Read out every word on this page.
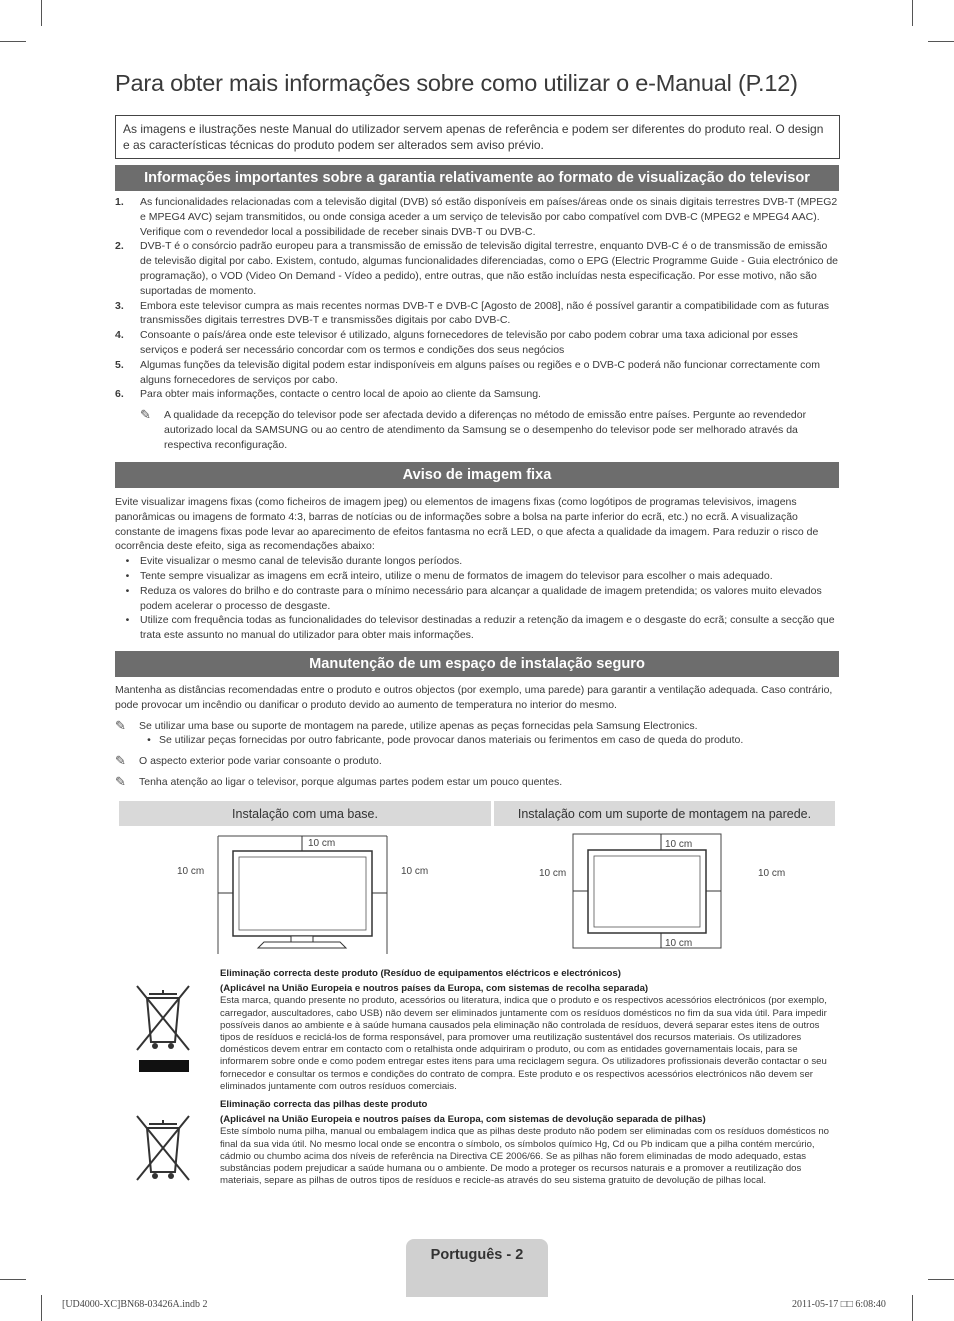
Para obter mais informações sobre como utilizar o e-Manual (P.12)
As imagens e ilustrações neste Manual do utilizador servem apenas de referência e podem ser diferentes do produto real. O design e as características técnicas do produto podem ser alterados sem aviso prévio.
Informações importantes sobre a garantia relativamente ao formato de visualização do televisor
1.	As funcionalidades relacionadas com a televisão digital (DVB) só estão disponíveis em países/áreas onde os sinais digitais terrestres DVB-T (MPEG2 e MPEG4 AVC) sejam transmitidos, ou onde consiga aceder a um serviço de televisão por cabo compatível com DVB-C (MPEG2 e MPEG4 AAC). Verifique com o revendedor local a possibilidade de receber sinais DVB-T ou DVB-C.
2.	DVB-T é o consórcio padrão europeu para a transmissão de emissão de televisão digital terrestre, enquanto DVB-C é o de transmissão de emissão de televisão digital por cabo. Existem, contudo, algumas funcionalidades diferenciadas, como o EPG (Electric Programme Guide - Guia electrónico de programação), o VOD (Video On Demand - Vídeo a pedido), entre outras, que não estão incluídas nesta especificação. Por esse motivo, não são suportadas de momento.
3.	Embora este televisor cumpra as mais recentes normas DVB-T e DVB-C [Agosto de 2008], não é possível garantir a compatibilidade com as futuras transmissões digitais terrestres DVB-T e transmissões digitais por cabo DVB-C.
4.	Consoante o país/área onde este televisor é utilizado, alguns fornecedores de televisão por cabo podem cobrar uma taxa adicional por esses serviços e poderá ser necessário concordar com os termos e condições dos seus negócios
5.	Algumas funções da televisão digital podem estar indisponíveis em alguns países ou regiões e o DVB-C poderá não funcionar correctamente com alguns fornecedores de serviços por cabo.
6.	Para obter mais informações, contacte o centro local de apoio ao cliente da Samsung.
✎	A qualidade da recepção do televisor pode ser afectada devido a diferenças no método de emissão entre países. Pergunte ao revendedor autorizado local da SAMSUNG ou ao centro de atendimento da Samsung se o desempenho do televisor pode ser melhorado através da respectiva reconfiguração.
Aviso de imagem fixa
Evite visualizar imagens fixas (como ficheiros de imagem jpeg) ou elementos de imagens fixas (como logótipos de programas televisivos, imagens panorâmicas ou imagens de formato 4:3, barras de notícias ou de informações sobre a bolsa na parte inferior do ecrã, etc.) no ecrã. A visualização constante de imagens fixas pode levar ao aparecimento de efeitos fantasma no ecrã LED, o que afecta a qualidade da imagem. Para reduzir o risco de ocorrência deste efeito, siga as recomendações abaixo:
•	Evite visualizar o mesmo canal de televisão durante longos períodos.
•	Tente sempre visualizar as imagens em ecrã inteiro, utilize o menu de formatos de imagem do televisor para escolher o mais adequado.
•	Reduza os valores do brilho e do contraste para o mínimo necessário para alcançar a qualidade de imagem pretendida; os valores muito elevados podem acelerar o processo de desgaste.
•	Utilize com frequência todas as funcionalidades do televisor destinadas a reduzir a retenção da imagem e o desgaste do ecrã; consulte a secção que trata este assunto no manual do utilizador para obter mais informações.
Manutenção de um espaço de instalação seguro
Mantenha as distâncias recomendadas entre o produto e outros objectos (por exemplo, uma parede) para garantir a ventilação adequada. Caso contrário, pode provocar um incêndio ou danificar o produto devido ao aumento de temperatura no interior do mesmo.
✎	Se utilizar uma base ou suporte de montagem na parede, utilize apenas as peças fornecidas pela Samsung Electronics.
• Se utilizar peças fornecidas por outro fabricante, pode provocar danos materiais ou ferimentos em caso de queda do produto.
✎	O aspecto exterior pode variar consoante o produto.
✎	Tenha atenção ao ligar o televisor, porque algumas partes podem estar um pouco quentes.
Instalação com uma base.	Instalação com um suporte de montagem na parede.
10 cm
10 cm	10 cm
10 cm
10 cm	10 cm
10 cm
Eliminação correcta deste produto (Resíduo de equipamentos eléctricos e electrónicos)
(Aplicável na União Europeia e noutros países da Europa, com sistemas de recolha separada)
Esta marca, quando presente no produto, acessórios ou literatura, indica que o produto e os respectivos acessórios electrónicos (por exemplo, carregador, auscultadores, cabo USB) não devem ser eliminados juntamente com os resíduos domésticos no fim da sua vida útil. Para impedir possíveis danos ao ambiente e à saúde humana causados pela eliminação não controlada de resíduos, deverá separar estes itens de outros tipos de resíduos e reciclá-los de forma responsável, para promover uma reutilização sustentável dos recursos materiais. Os utilizadores domésticos devem entrar em contacto com o retalhista onde adquiriram o produto, ou com as entidades governamentais locais, para se informarem sobre onde e como podem entregar estes itens para uma reciclagem segura. Os utilizadores profissionais deverão contactar o seu fornecedor e consultar os termos e condições do contrato de compra. Este produto e os respectivos acessórios electrónicos não devem ser eliminados juntamente com outros resíduos comerciais.
Eliminação correcta das pilhas deste produto
(Aplicável na União Europeia e noutros países da Europa, com sistemas de devolução separada de pilhas)
Este símbolo numa pilha, manual ou embalagem indica que as pilhas deste produto não podem ser eliminadas com os resíduos domésticos no final da sua vida útil. No mesmo local onde se encontra o símbolo, os símbolos químico Hg, Cd ou Pb indicam que a pilha contém mercúrio, cádmio ou chumbo acima dos níveis de referência na Directiva CE 2006/66. Se as pilhas não forem eliminadas de modo adequado, estas substâncias podem prejudicar a saúde humana ou o ambiente. De modo a proteger os recursos naturais e a promover a reutilização dos materiais, separe as pilhas de outros tipos de resíduos e recicle-as através do seu sistema gratuito de devolução de pilhas local.
Português - 2
[UD4000-XC]BN68-03426A.indb 2	2011-05-17 □□ 6:08:40
